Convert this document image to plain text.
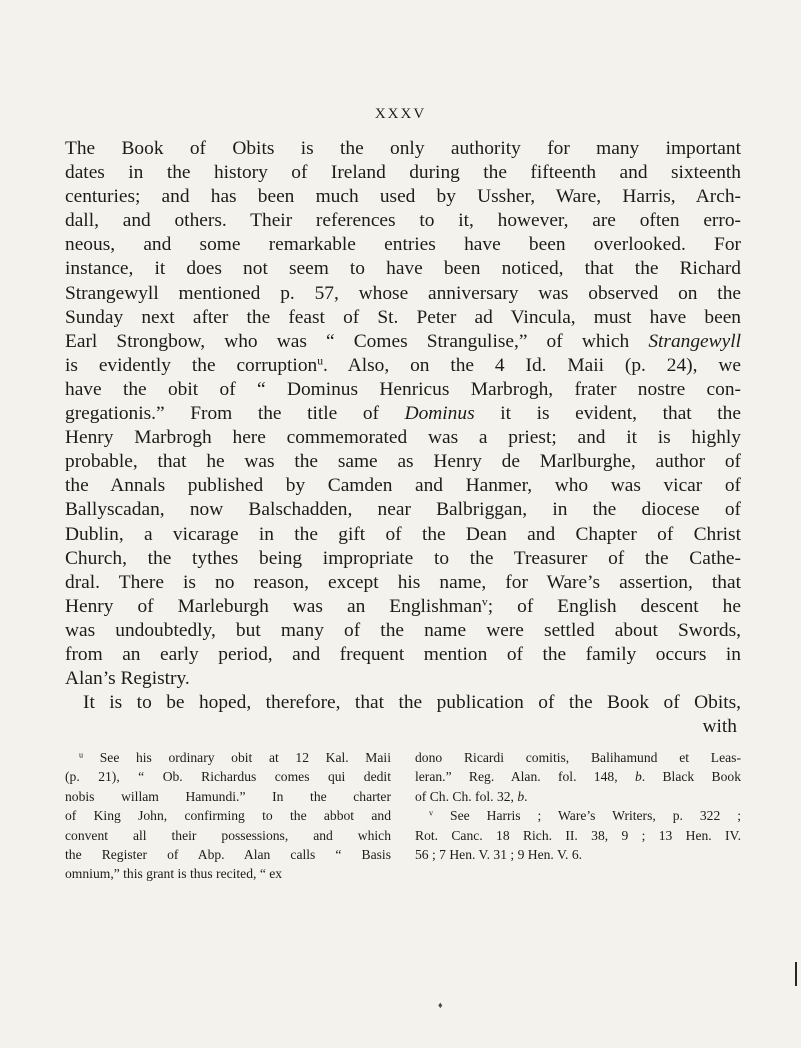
XXXV
The Book of Obits is the only authority for many important
dates in the history of Ireland during the fifteenth and sixteenth
centuries; and has been much used by Ussher, Ware, Harris, Arch-
dall, and others. Their references to it, however, are often erro-
neous, and some remarkable entries have been overlooked. For
instance, it does not seem to have been noticed, that the Richard
Strangewyll mentioned p. 57, whose anniversary was observed on the
Sunday next after the feast of St. Peter ad Vincula, must have been
Earl Strongbow, who was “ Comes Strangulise,” of which Strangewyll
is evidently the corruption$^u$. Also, on the 4 Id. Maii (p. 24), we
have the obit of “ Dominus Henricus Marbrogh, frater nostre con-
gregationis.” From the title of Dominus it is evident, that the
Henry Marbrogh here commemorated was a priest; and it is highly
probable, that he was the same as Henry de Marlburghe, author of
the Annals published by Camden and Hanmer, who was vicar of
Ballyscadan, now Balschadden, near Balbriggan, in the diocese of
Dublin, a vicarage in the gift of the Dean and Chapter of Christ
Church, the tythes being impropriate to the Treasurer of the Cathe-
dral. There is no reason, except his name, for Ware’s assertion, that
Henry of Marleburgh was an Englishman$^v$; of English descent he
was undoubtedly, but many of the name were settled about Swords,
from an early period, and frequent mention of the family occurs in
Alan’s Registry.
It is to be hoped, therefore, that the publication of the Book of Obits,
with
$^u$ See his ordinary obit at 12 Kal. Maii
(p. 21), “ Ob. Richardus comes qui dedit
nobis willam Hamundi.” In the charter
of King John, confirming to the abbot and
convent all their possessions, and which
the Register of Abp. Alan calls “ Basis
omnium,” this grant is thus recited, “ ex
dono Ricardi comitis, Balihamund et Leas-
leran.” Reg. Alan. fol. 148, b. Black Book
of Ch. Ch. fol. 32, b.
$^v$ See Harris ; Ware’s Writers, p. 322 ;
Rot. Canc. 18 Rich. II. 38, 9 ; 13 Hen. IV.
56 ; 7 Hen. V. 31 ; 9 Hen. V. 6.
♦
